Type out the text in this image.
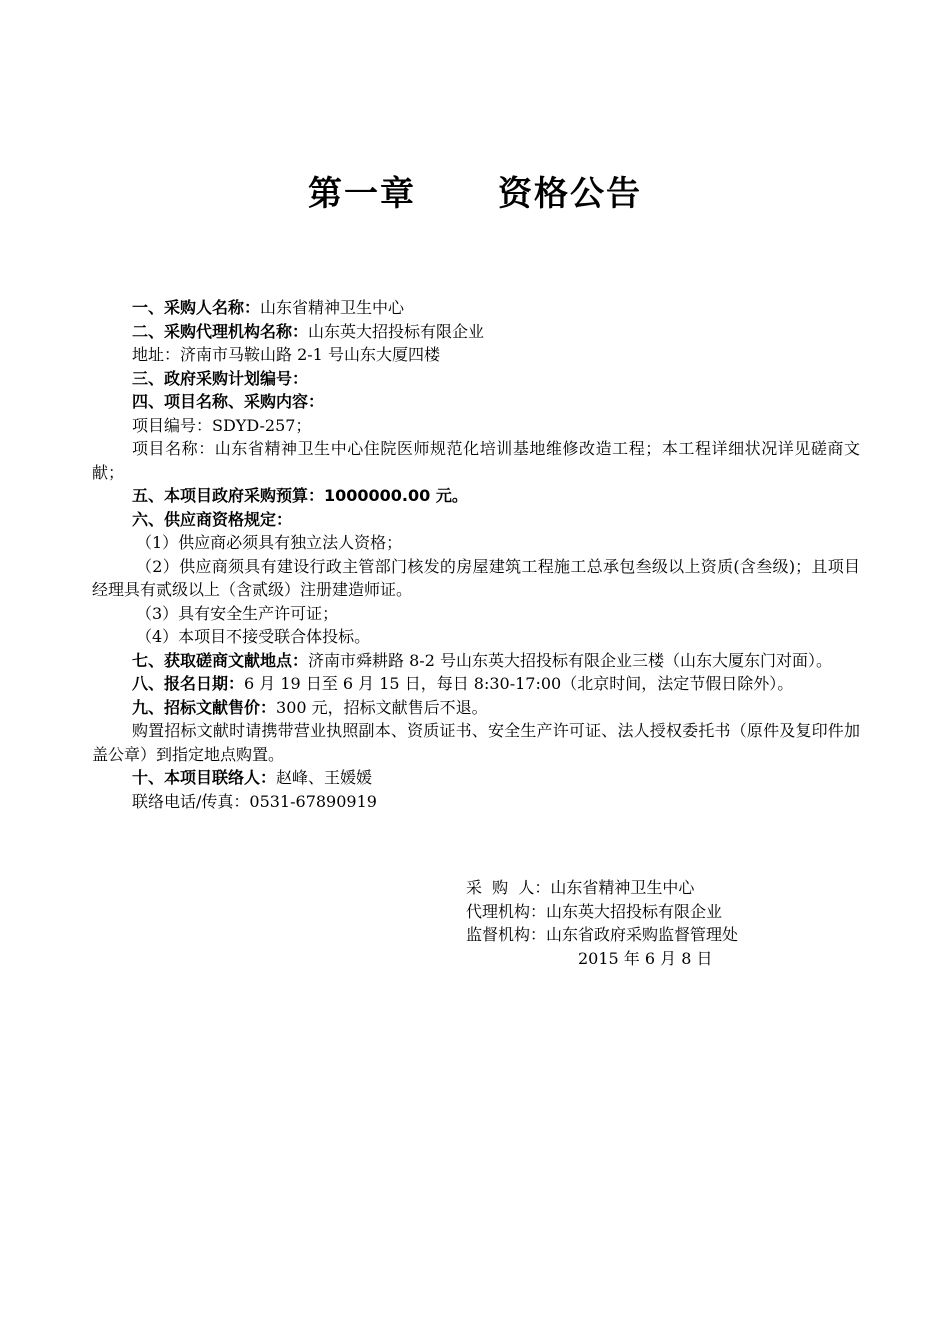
第一章 资格公告

一、采购人名称：山东省精神卫生中心

二、采购代理机构名称：山东英大招投标有限企业

地址：济南市马鞍山路 2-1 号山东大厦四楼

三、政府采购计划编号：

四、项目名称、采购内容：

项目编号：SDYD-257；

项目名称：山东省精神卫生中心住院医师规范化培训基地维修改造工程；本工程详细状况详见磋商文献；

五、本项目政府采购预算：1000000.00 元。

六、供应商资格规定：

（1）供应商必须具有独立法人资格；

（2）供应商须具有建设行政主管部门核发的房屋建筑工程施工总承包叁级以上资质(含叁级)；且项目经理具有贰级以上（含贰级）注册建造师证。

（3）具有安全生产许可证；

（4）本项目不接受联合体投标。

七、获取磋商文献地点：济南市舜耕路 8-2 号山东英大招投标有限企业三楼（山东大厦东门对面）。

八、报名日期：6 月 19 日至 6 月 15 日，每日 8:30-17:00（北京时间，法定节假日除外）。

九、招标文献售价：300 元，招标文献售后不退。

购置招标文献时请携带营业执照副本、资质证书、安全生产许可证、法人授权委托书（原件及复印件加盖公章）到指定地点购置。

十、本项目联络人：赵峰、王媛媛

联络电话/传真：0531-67890919

采  购  人：山东省精神卫生中心

代理机构：山东英大招投标有限企业

监督机构：山东省政府采购监督管理处

2015 年 6 月 8 日
